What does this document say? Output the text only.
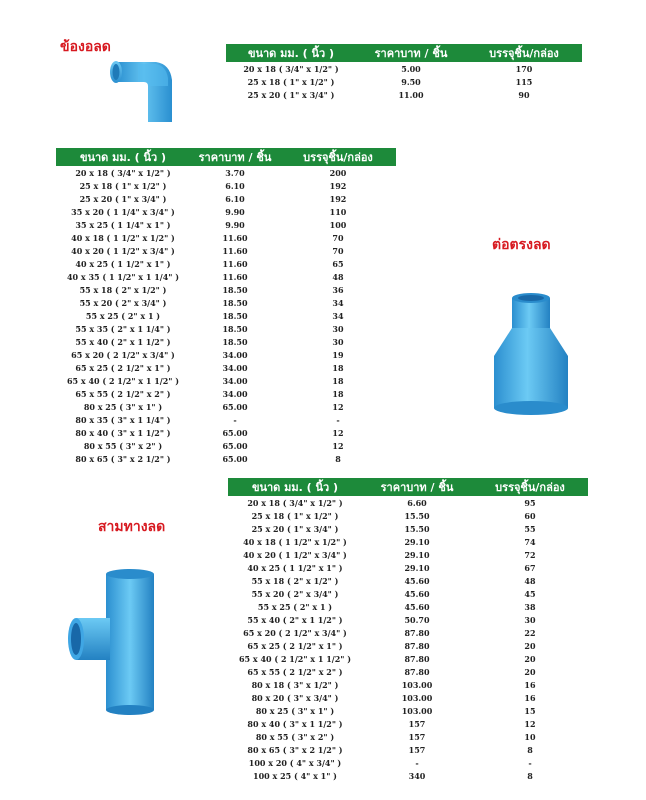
ข้องอลด
ต่อตรงลด
สามทางลด
ขนาด มม. ( นิ้ว )	ราคาบาท / ชิ้น	บรรจุชิ้น/กล่อง
20 x 18 ( 3/4" x 1/2" )	5.00	170
25 x 18 ( 1" x 1/2" )	9.50	115
25 x 20 ( 1" x 3/4" )	11.00	90
ขนาด มม. ( นิ้ว )	ราคาบาท / ชิ้น	บรรจุชิ้น/กล่อง
20 x 18 ( 3/4" x 1/2" )	3.70	200
25 x 18 ( 1" x 1/2" )	6.10	192
25 x 20 ( 1" x 3/4" )	6.10	192
35 x 20 ( 1 1/4" x 3/4" )	9.90	110
35 x 25 ( 1 1/4" x 1" )	9.90	100
40 x 18 ( 1 1/2" x 1/2" )	11.60	70
40 x 20 ( 1 1/2" x 3/4" )	11.60	70
40 x 25 ( 1 1/2" x 1" )	11.60	65
40 x 35 ( 1 1/2" x 1 1/4" )	11.60	48
55 x 18 ( 2" x 1/2" )	18.50	36
55 x 20 ( 2" x 3/4" )	18.50	34
55 x 25 ( 2" x 1 )	18.50	34
55 x 35 ( 2" x 1 1/4" )	18.50	30
55 x 40 ( 2" x 1 1/2" )	18.50	30
65 x 20 ( 2 1/2" x 3/4" )	34.00	19
65 x 25 ( 2 1/2" x 1" )	34.00	18
65 x 40 ( 2 1/2" x 1 1/2" )	34.00	18
65 x 55 ( 2 1/2" x 2" )	34.00	18
80 x 25 ( 3" x 1" )	65.00	12
80 x 35 ( 3" x 1 1/4" )	-	-
80 x 40 ( 3" x 1 1/2" )	65.00	12
80 x 55 ( 3" x 2" )	65.00	12
80 x 65 ( 3" x 2 1/2" )	65.00	8
ขนาด มม. ( นิ้ว )	ราคาบาท / ชิ้น	บรรจุชิ้น/กล่อง
20 x 18 ( 3/4" x 1/2" )	6.60	95
25 x 18 ( 1" x 1/2" )	15.50	60
25 x 20 ( 1" x 3/4" )	15.50	55
40 x 18 ( 1 1/2" x 1/2" )	29.10	74
40 x 20 ( 1 1/2" x 3/4" )	29.10	72
40 x 25 ( 1 1/2" x 1" )	29.10	67
55 x 18 ( 2" x 1/2" )	45.60	48
55 x 20 ( 2" x 3/4" )	45.60	45
55 x 25 ( 2" x 1 )	45.60	38
55 x 40 ( 2" x 1 1/2" )	50.70	30
65 x 20 ( 2 1/2" x 3/4" )	87.80	22
65 x 25 ( 2 1/2" x 1" )	87.80	20
65 x 40 ( 2 1/2" x 1 1/2" )	87.80	20
65 x 55 ( 2 1/2" x 2" )	87.80	20
80 x 18 ( 3" x 1/2" )	103.00	16
80 x 20 ( 3" x 3/4" )	103.00	16
80 x 25 ( 3" x 1" )	103.00	15
80 x 40 ( 3" x 1 1/2" )	157	12
80 x 55 ( 3" x 2" )	157	10
80 x 65 ( 3" x 2 1/2" )	157	8
100 x 20 ( 4" x 3/4" )	-	-
100 x 25 ( 4" x 1" )	340	8
